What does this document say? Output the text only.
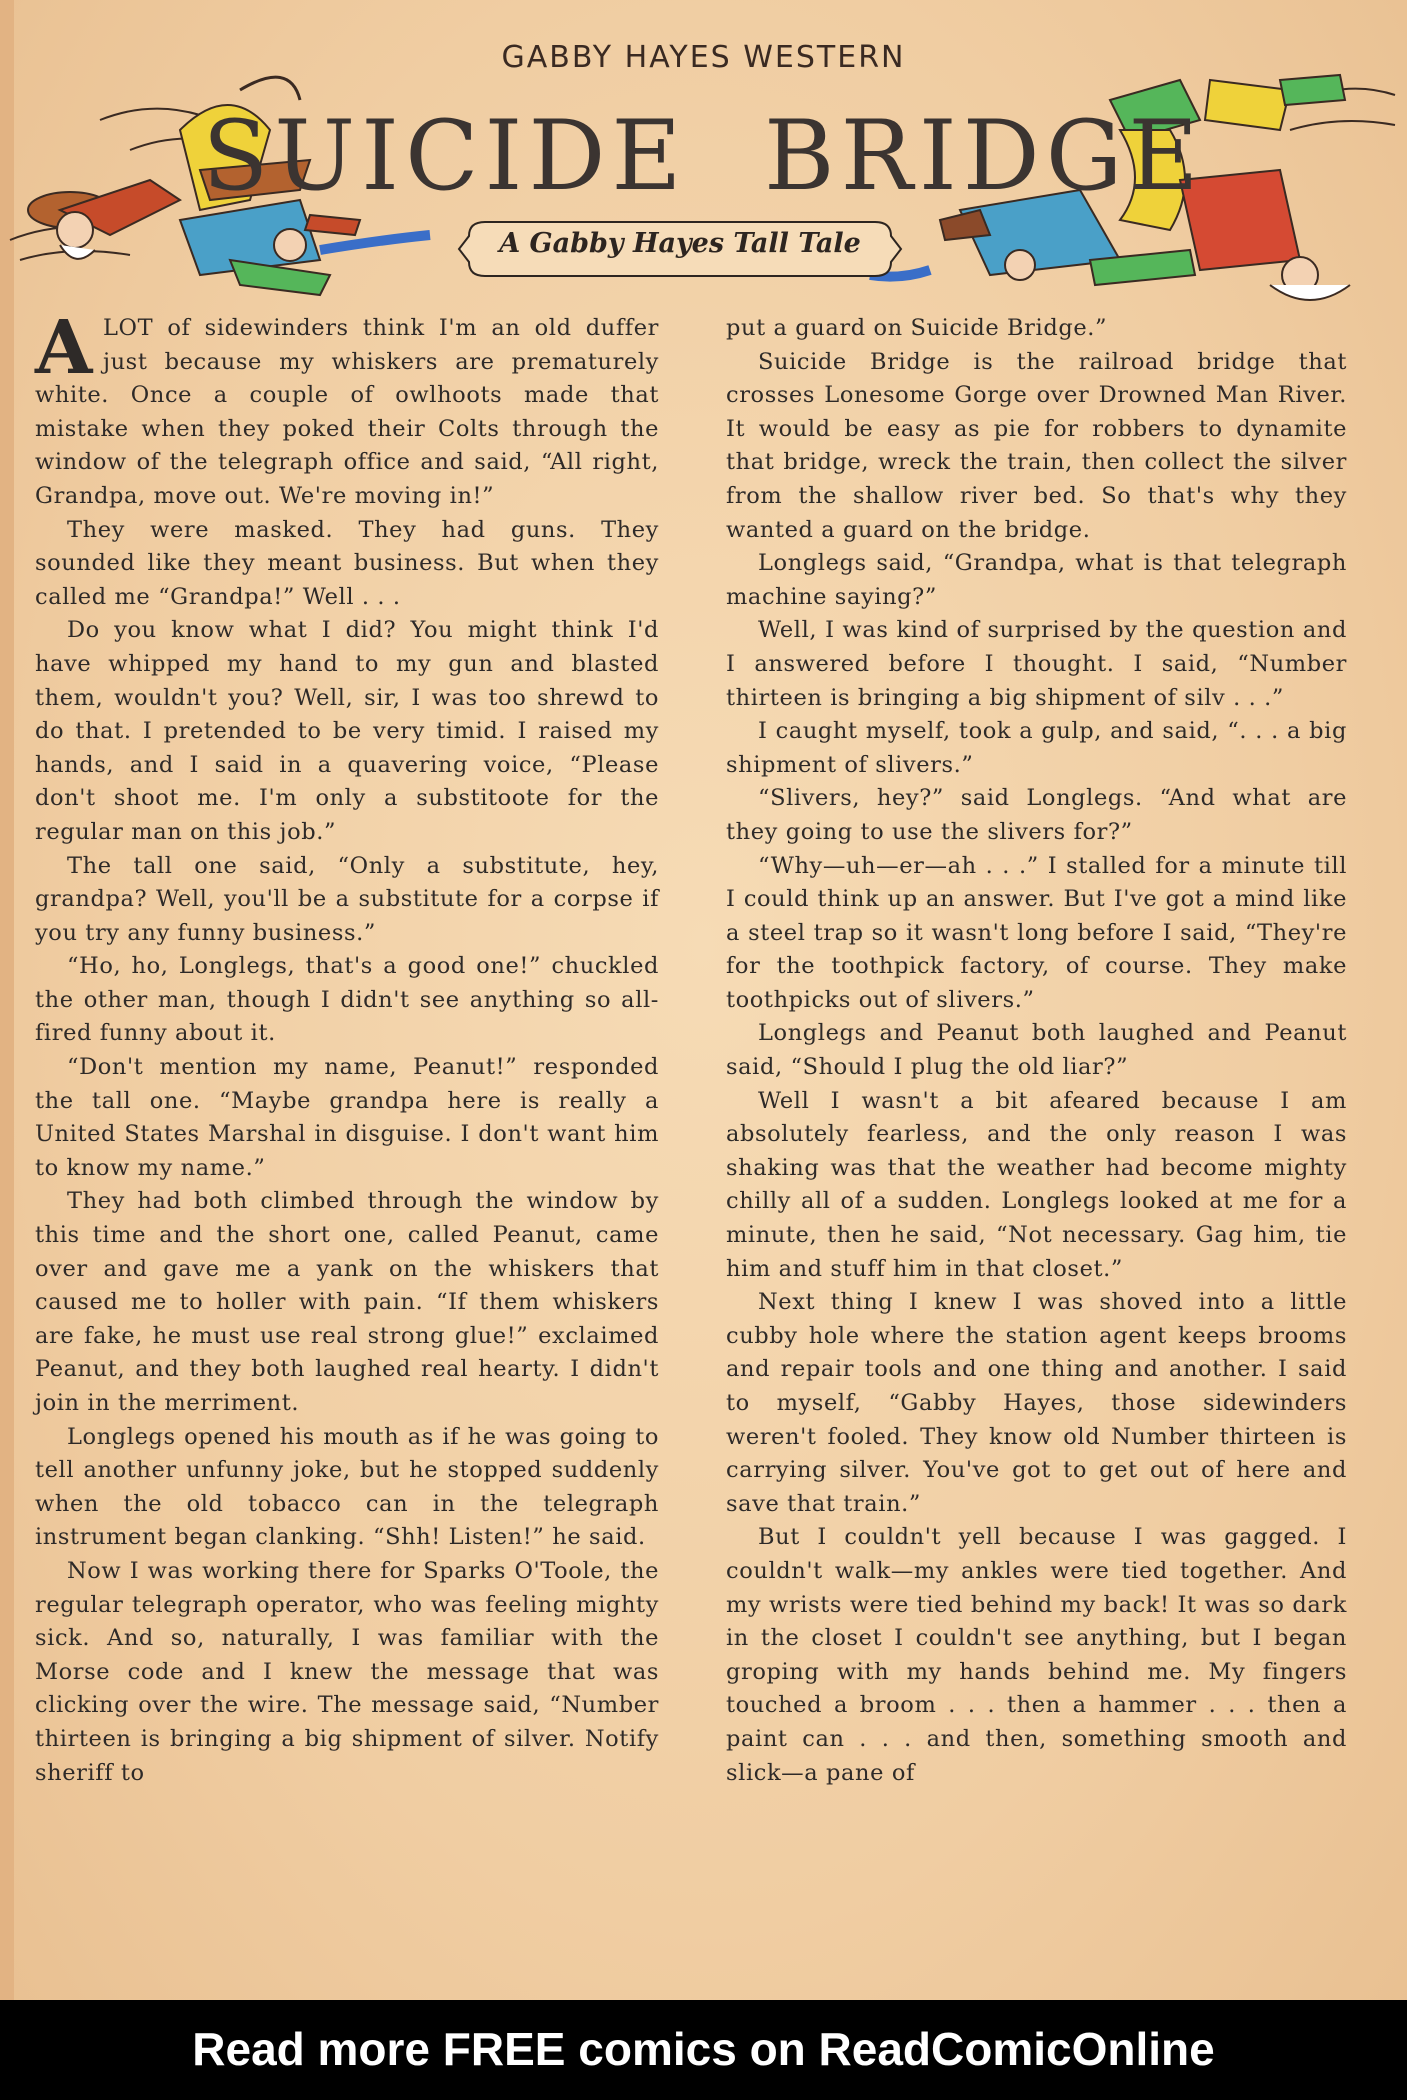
GABBY HAYES WESTERN
SUICIDE BRIDGE
A Gabby Hayes Tall Tale

ALOT of sidewinders think I'm an old duffer just because my whiskers are prematurely white. Once a couple of owlhoots made that mistake when they poked their Colts through the window of the telegraph office and said, “All right, Grandpa, move out. We're moving in!”

They were masked. They had guns. They sounded like they meant business. But when they called me “Grandpa!” Well . . .

Do you know what I did? You might think I'd have whipped my hand to my gun and blasted them, wouldn't you? Well, sir, I was too shrewd to do that. I pretended to be very timid. I raised my hands, and I said in a quavering voice, “Please don't shoot me. I'm only a substitoote for the regular man on this job.”

The tall one said, “Only a substitute, hey, grandpa? Well, you'll be a substitute for a corpse if you try any funny business.”

“Ho, ho, Longlegs, that's a good one!” chuckled the other man, though I didn't see anything so all-fired funny about it.

“Don't mention my name, Peanut!” responded the tall one. “Maybe grandpa here is really a United States Marshal in disguise. I don't want him to know my name.”

They had both climbed through the window by this time and the short one, called Peanut, came over and gave me a yank on the whiskers that caused me to holler with pain. “If them whiskers are fake, he must use real strong glue!” exclaimed Peanut, and they both laughed real hearty. I didn't join in the merriment.

Longlegs opened his mouth as if he was going to tell another unfunny joke, but he stopped suddenly when the old tobacco can in the telegraph instrument began clanking. “Shh! Listen!” he said.

Now I was working there for Sparks O'Toole, the regular telegraph operator, who was feeling mighty sick. And so, naturally, I was familiar with the Morse code and I knew the message that was clicking over the wire. The message said, “Number thirteen is bringing a big shipment of silver. Notify sheriff to

put a guard on Suicide Bridge.”

Suicide Bridge is the railroad bridge that crosses Lonesome Gorge over Drowned Man River. It would be easy as pie for robbers to dynamite that bridge, wreck the train, then collect the silver from the shallow river bed. So that's why they wanted a guard on the bridge.

Longlegs said, “Grandpa, what is that telegraph machine saying?”

Well, I was kind of surprised by the question and I answered before I thought. I said, “Number thirteen is bringing a big shipment of silv . . .”

I caught myself, took a gulp, and said, “. . . a big shipment of slivers.”

“Slivers, hey?” said Longlegs. “And what are they going to use the slivers for?”

“Why—uh—er—ah . . .” I stalled for a minute till I could think up an answer. But I've got a mind like a steel trap so it wasn't long before I said, “They're for the toothpick factory, of course. They make toothpicks out of slivers.”

Longlegs and Peanut both laughed and Peanut said, “Should I plug the old liar?”

Well I wasn't a bit afeared because I am absolutely fearless, and the only reason I was shaking was that the weather had become mighty chilly all of a sudden. Longlegs looked at me for a minute, then he said, “Not necessary. Gag him, tie him and stuff him in that closet.”

Next thing I knew I was shoved into a little cubby hole where the station agent keeps brooms and repair tools and one thing and another. I said to myself, “Gabby Hayes, those sidewinders weren't fooled. They know old Number thirteen is carrying silver. You've got to get out of here and save that train.”

But I couldn't yell because I was gagged. I couldn't walk—my ankles were tied together. And my wrists were tied behind my back! It was so dark in the closet I couldn't see anything, but I began groping with my hands behind me. My fingers touched a broom . . . then a hammer . . . then a paint can . . . and then, something smooth and slick—a pane of

Read more FREE comics on ReadComicOnline
